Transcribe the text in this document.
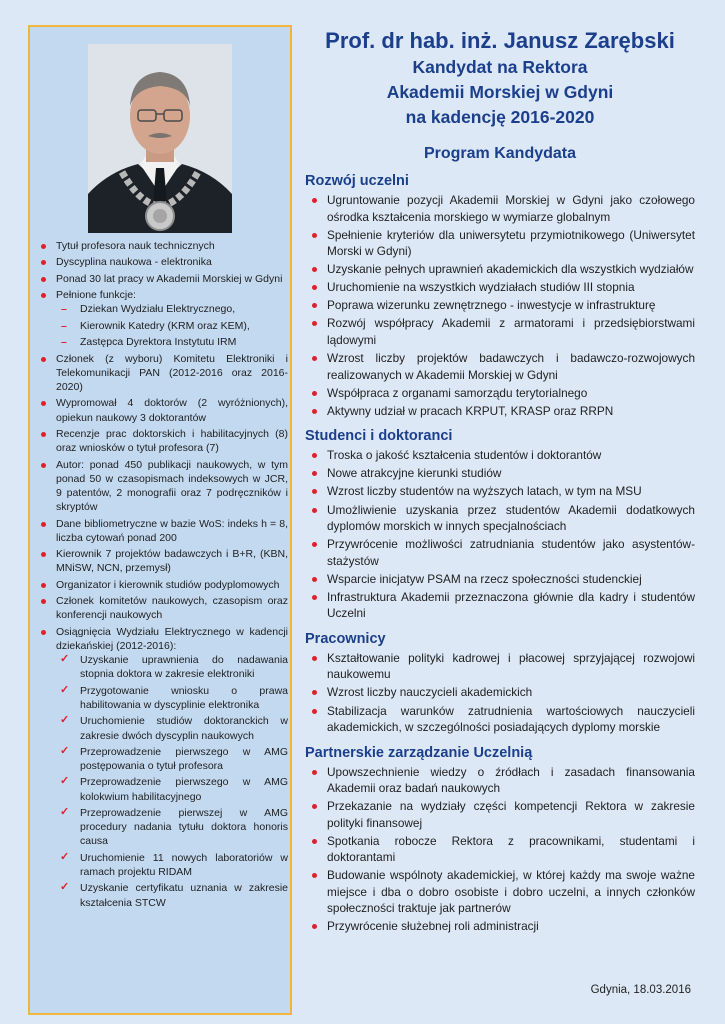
Tytuł profesora nauk technicznych
Dyscyplina naukowa - elektronika
Ponad 30 lat pracy w Akademii Morskiej w Gdyni
Pełnione funkcje:
– Dziekan Wydziału Elektrycznego,
– Kierownik Katedry (KRM oraz KEM),
– Zastępca Dyrektora Instytutu IRM
Członek (z wyboru) Komitetu Elektroniki i Telekomunikacji PAN (2012-2016 oraz 2016-2020)
Wypromował 4 doktorów (2 wyróżnionych), opiekun naukowy 3 doktorantów
Recenzje prac doktorskich i habilitacyjnych (8) oraz wniosków o tytuł profesora (7)
Autor: ponad 450 publikacji naukowych, w tym ponad 50 w czasopismach indeksowych w JCR, 9 patentów, 2 monografii oraz 7 podręczników i skryptów
Dane bibliometryczne w bazie WoS: indeks h = 8, liczba cytowań ponad 200
Kierownik 7 projektów badawczych i B+R, (KBN, MNiSW, NCN, przemysł)
Organizator i kierownik studiów podyplomowych
Członek komitetów naukowych, czasopism oraz konferencji naukowych
Osiągnięcia Wydziału Elektrycznego w kadencji dziekańskiej (2012-2016):
✓ Uzyskanie uprawnienia do nadawania stopnia doktora w zakresie elektroniki
✓ Przygotowanie wniosku o prawa habilitowania w dyscyplinie elektronika
✓ Uruchomienie studiów doktoranckich w zakresie dwóch dyscyplin naukowych
✓ Przeprowadzenie pierwszego w AMG postępowania o tytuł profesora
✓ Przeprowadzenie pierwszego w AMG kolokwium habilitacyjnego
✓ Przeprowadzenie pierwszej w AMG procedury nadania tytułu doktora honoris causa
✓ Uruchomienie 11 nowych laboratoriów w ramach projektu RIDAM
✓ Uzyskanie certyfikatu uznania w zakresie kształcenia STCW

Prof. dr hab. inż. Janusz Zarębski

Kandydat na Rektora

Akademii Morskiej w Gdyni

na kadencję 2016-2020

Program Kandydata

Rozwój uczelni
Ugruntowanie pozycji Akademii Morskiej w Gdyni jako czołowego ośrodka kształcenia morskiego w wymiarze globalnym
Spełnienie kryteriów dla uniwersytetu przymiotnikowego (Uniwersytet Morski w Gdyni)
Uzyskanie pełnych uprawnień akademickich dla wszystkich wydziałów
Uruchomienie na wszystkich wydziałach studiów III stopnia
Poprawa wizerunku zewnętrznego - inwestycje w infrastrukturę
Rozwój współpracy Akademii z armatorami i przedsiębiorstwami lądowymi
Wzrost liczby projektów badawczych i badawczo-rozwojowych realizowanych w Akademii Morskiej w Gdyni
Współpraca z organami samorządu terytorialnego
Aktywny udział w pracach KRPUT, KRASP oraz RRPN
Studenci i doktoranci
Troska o jakość kształcenia studentów i doktorantów
Nowe atrakcyjne kierunki studiów
Wzrost liczby studentów na wyższych latach, w tym na MSU
Umożliwienie uzyskania przez studentów Akademii dodatkowych dyplomów morskich w innych specjalnościach
Przywrócenie możliwości zatrudniania studentów jako asystentów-stażystów
Wsparcie inicjatyw PSAM na rzecz społeczności studenckiej
Infrastruktura Akademii przeznaczona głównie dla kadry i studentów Uczelni
Pracownicy
Kształtowanie polityki kadrowej i płacowej sprzyjającej rozwojowi naukowemu
Wzrost liczby nauczycieli akademickich
Stabilizacja warunków zatrudnienia wartościowych nauczycieli akademickich, w szczególności posiadających dyplomy morskie
Partnerskie zarządzanie Uczelnią
Upowszechnienie wiedzy o źródłach i zasadach finansowania Akademii oraz badań naukowych
Przekazanie na wydziały części kompetencji Rektora w zakresie polityki finansowej
Spotkania robocze Rektora z pracownikami, studentami i doktorantami
Budowanie wspólnoty akademickiej, w której każdy ma swoje ważne miejsce i dba o dobro osobiste i dobro uczelni, a innych członków społeczności traktuje jak partnerów
Przywrócenie służebnej roli administracji
Gdynia, 18.03.2016
